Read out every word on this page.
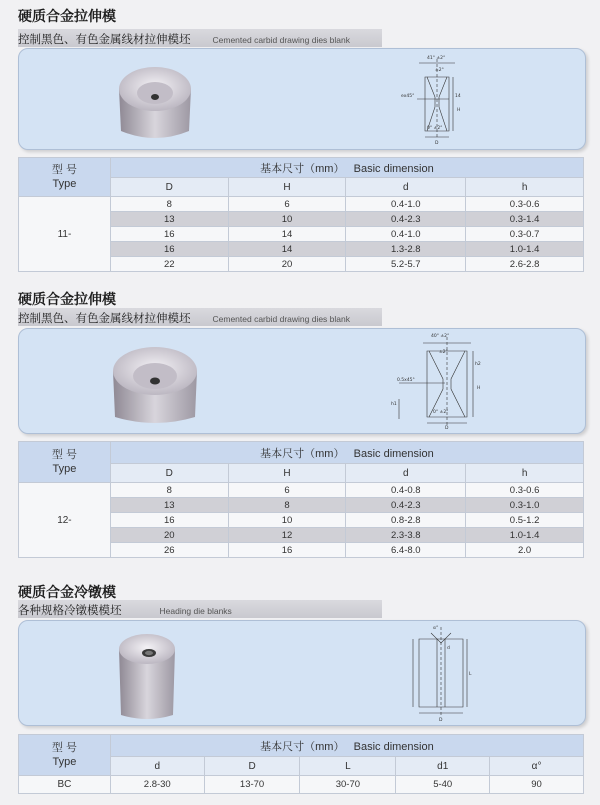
硬质合金拉伸模
控制黑色、有色金属线材拉伸模坯	Cemented carbid drawing dies blank
41° ±2°
±2°
ex45°	14
H
0° ±2°
D
型 号
Type	基本尺寸（mm） Basic dimension			
	D	H	d	h
11-	8	6	0.4-1.0	0.3-0.6
	13	10	0.4-2.3	0.3-1.4
	16	14	0.4-1.0	0.3-0.7
	16	14	1.3-2.8	1.0-1.4
	22	20	5.2-5.7	2.6-2.8
硬质合金拉伸模
控制黑色、有色金属线材拉伸模坯	Cemented carbid drawing dies blank
40° ±2°
±2°
0.5x45°
h2
h1
0° ±2°
D
H
型 号
Type	基本尺寸（mm） Basic dimension			
	D	H	d	h
12-	8	6	0.4-0.8	0.3-0.6
	13	8	0.4-2.3	0.3-1.0
	16	10	0.8-2.8	0.5-1.2
	20	12	2.3-3.8	1.0-1.4
	26	16	6.4-8.0	2.0
硬质合金冷镦模
各种规格冷镦模模坯	Heading die blanks
α°
d
L
D
型 号
Type	基本尺寸（mm） Basic dimension				
	d	D	L	d1	α°
BC	2.8-30	13-70	30-70	5-40	90
